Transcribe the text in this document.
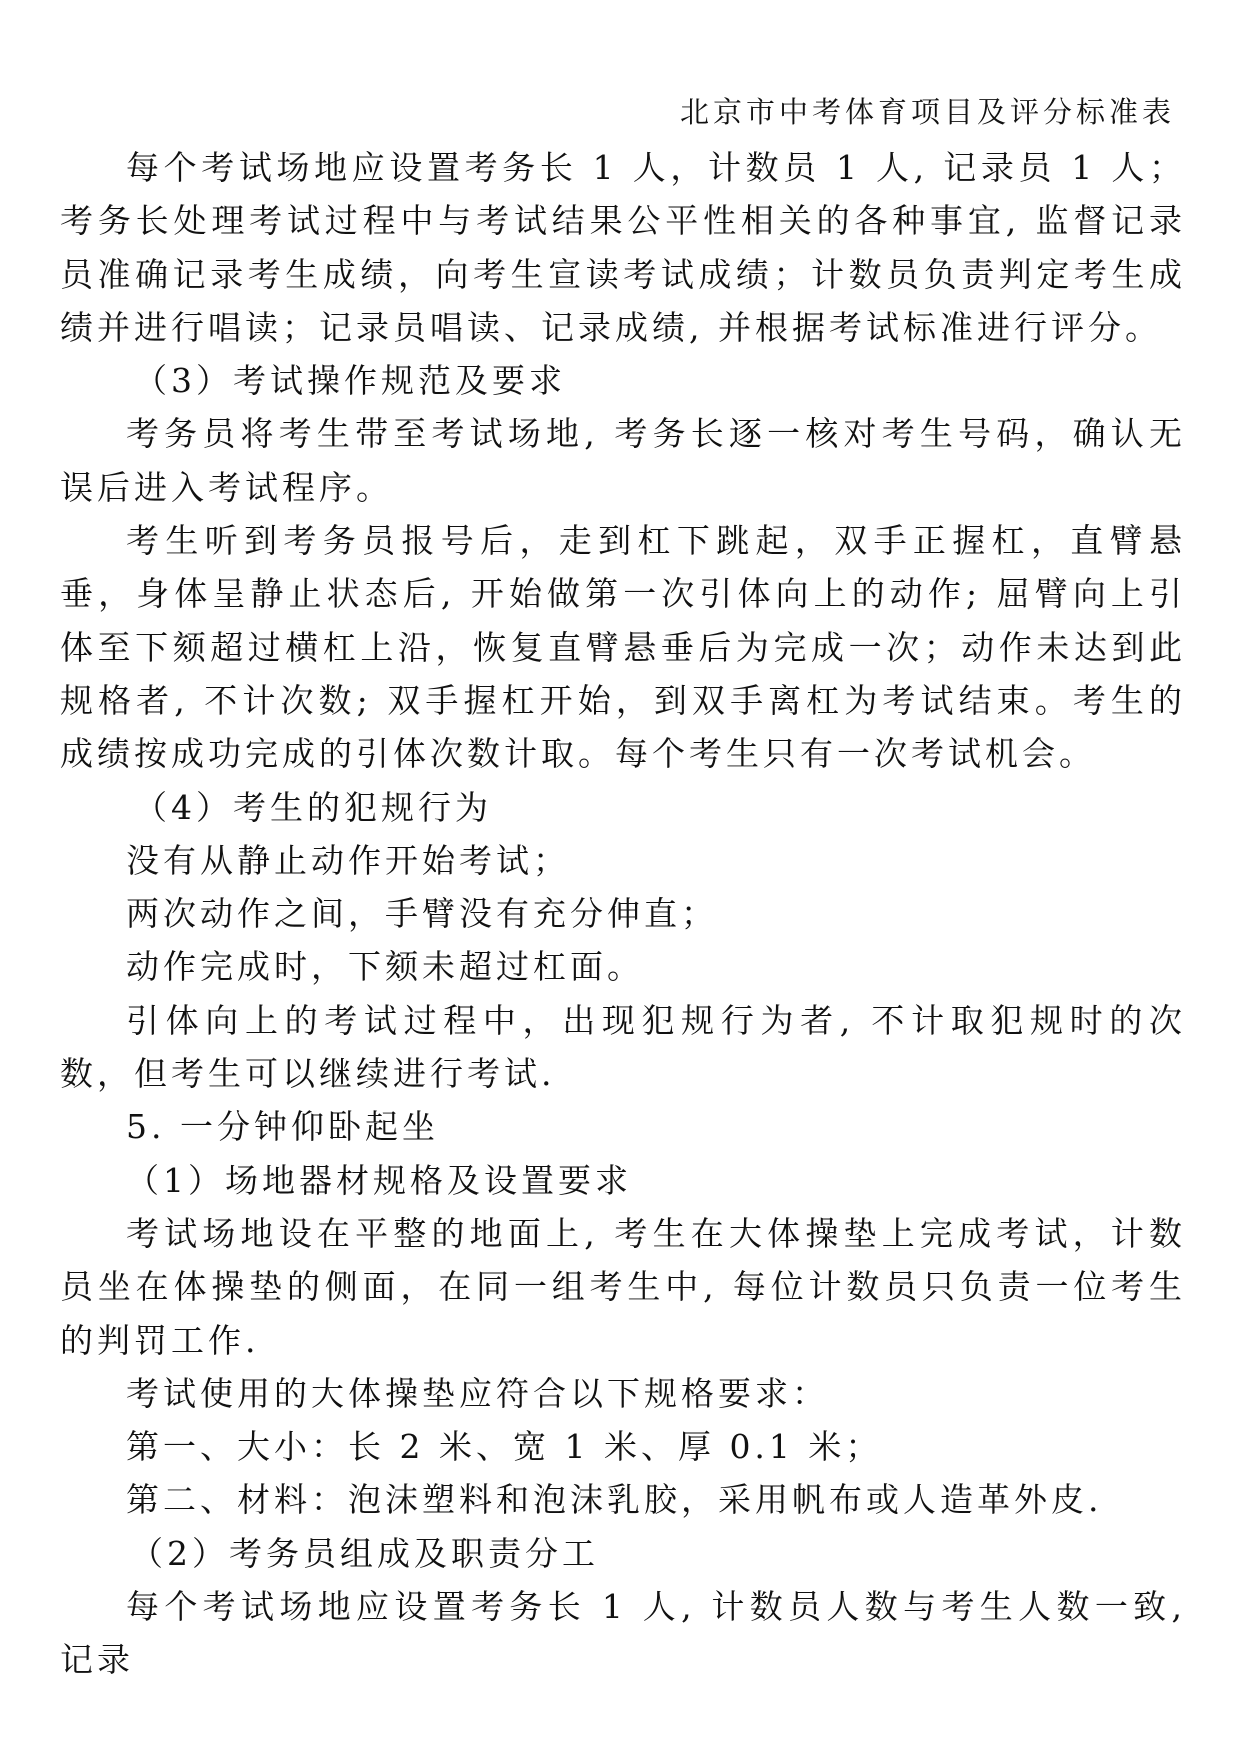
北京市中考体育项目及评分标准表

每个考试场地应设置考务长 1 人，计数员 1 人, 记录员 1 人；考务长处理考试过程中与考试结果公平性相关的各种事宜, 监督记录员准确记录考生成绩，向考生宣读考试成绩；计数员负责判定考生成绩并进行唱读；记录员唱读、记录成绩, 并根据考试标准进行评分。

（3）考试操作规范及要求

考务员将考生带至考试场地, 考务长逐一核对考生号码，确认无误后进入考试程序。

考生听到考务员报号后，走到杠下跳起，双手正握杠，直臂悬垂，身体呈静止状态后, 开始做第一次引体向上的动作; 屈臂向上引体至下颏超过横杠上沿，恢复直臂悬垂后为完成一次；动作未达到此规格者, 不计次数; 双手握杠开始，到双手离杠为考试结束。考生的成绩按成功完成的引体次数计取。每个考生只有一次考试机会。

（4）考生的犯规行为

没有从静止动作开始考试；

两次动作之间，手臂没有充分伸直；

动作完成时，下颏未超过杠面。

引体向上的考试过程中，出现犯规行为者, 不计取犯规时的次数，但考生可以继续进行考试.

5. 一分钟仰卧起坐

（1）场地器材规格及设置要求

考试场地设在平整的地面上, 考生在大体操垫上完成考试，计数员坐在体操垫的侧面，在同一组考生中, 每位计数员只负责一位考生的判罚工作.

考试使用的大体操垫应符合以下规格要求：

第一、大小：长 2 米、宽 1 米、厚 0.1 米；

第二、材料：泡沫塑料和泡沫乳胶，采用帆布或人造革外皮.

（2）考务员组成及职责分工

每个考试场地应设置考务长 1 人, 计数员人数与考生人数一致, 记录
